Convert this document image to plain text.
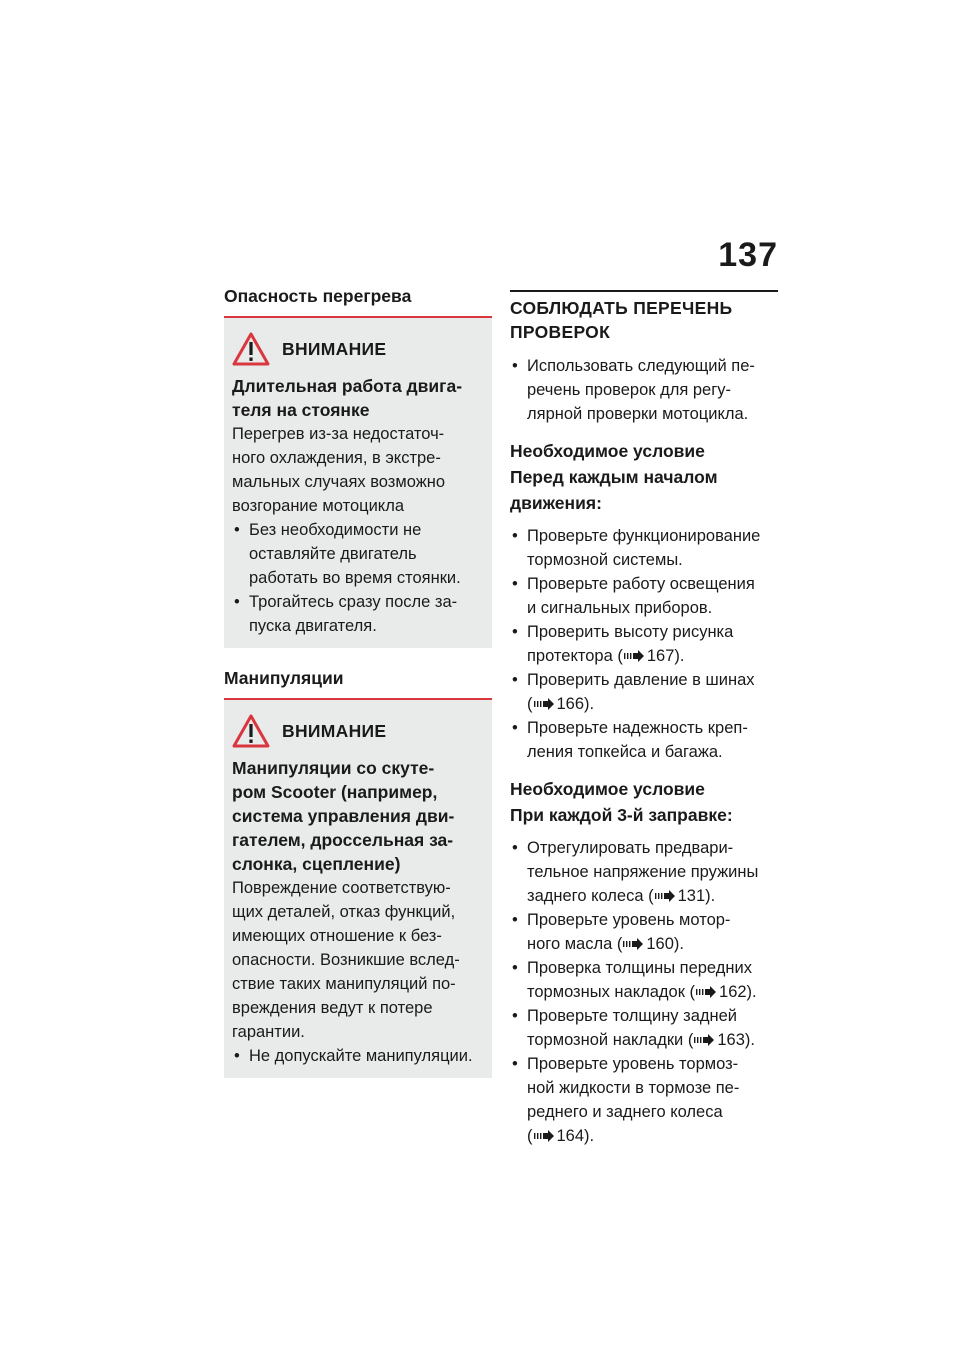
137

Опасность перегрева

ВНИМАНИЕ

Длительная работа двига-
теля на стоянке

Перегрев из-за недостаточ-
ного охлаждения, в экстре-
мальных случаях возможно
возгорание мотоцикла

• Без необходимости не
оставляйте двигатель
работать во время стоянки.
• Трогайтесь сразу после за-
пуска двигателя.

Манипуляции

ВНИМАНИЕ

Манипуляции со скуте-
ром Scooter (например,
система управления дви-
гателем, дроссельная за-
слонка, сцепление)

Повреждение соответствую-
щих деталей, отказ функций,
имеющих отношение к без-
опасности. Возникшие вслед-
ствие таких манипуляций по-
вреждения ведут к потере
гарантии.

• Не допускайте манипуляции.

СОБЛЮДАТЬ ПЕРЕЧЕНЬ
ПРОВЕРОК

• Использовать следующий пе-
речень проверок для регу-
лярной проверки мотоцикла.

Необходимое условие
Перед каждым началом
движения:

• Проверьте функционирование
тормозной системы.
• Проверьте работу освещения
и сигнальных приборов.
• Проверить высоту рисунка
протектора ( 167).
• Проверить давление в шинах
( 166).
• Проверьте надежность креп-
ления топкейса и багажа.

Необходимое условие
При каждой 3-й заправке:

• Отрегулировать предвари-
тельное напряжение пружины
заднего колеса ( 131).
• Проверьте уровень мотор-
ного масла ( 160).
• Проверка толщины передних
тормозных накладок ( 162).
• Проверьте толщину задней
тормозной накладки ( 163).
• Проверьте уровень тормоз-
ной жидкости в тормозе пе-
реднего и заднего колеса
( 164).
